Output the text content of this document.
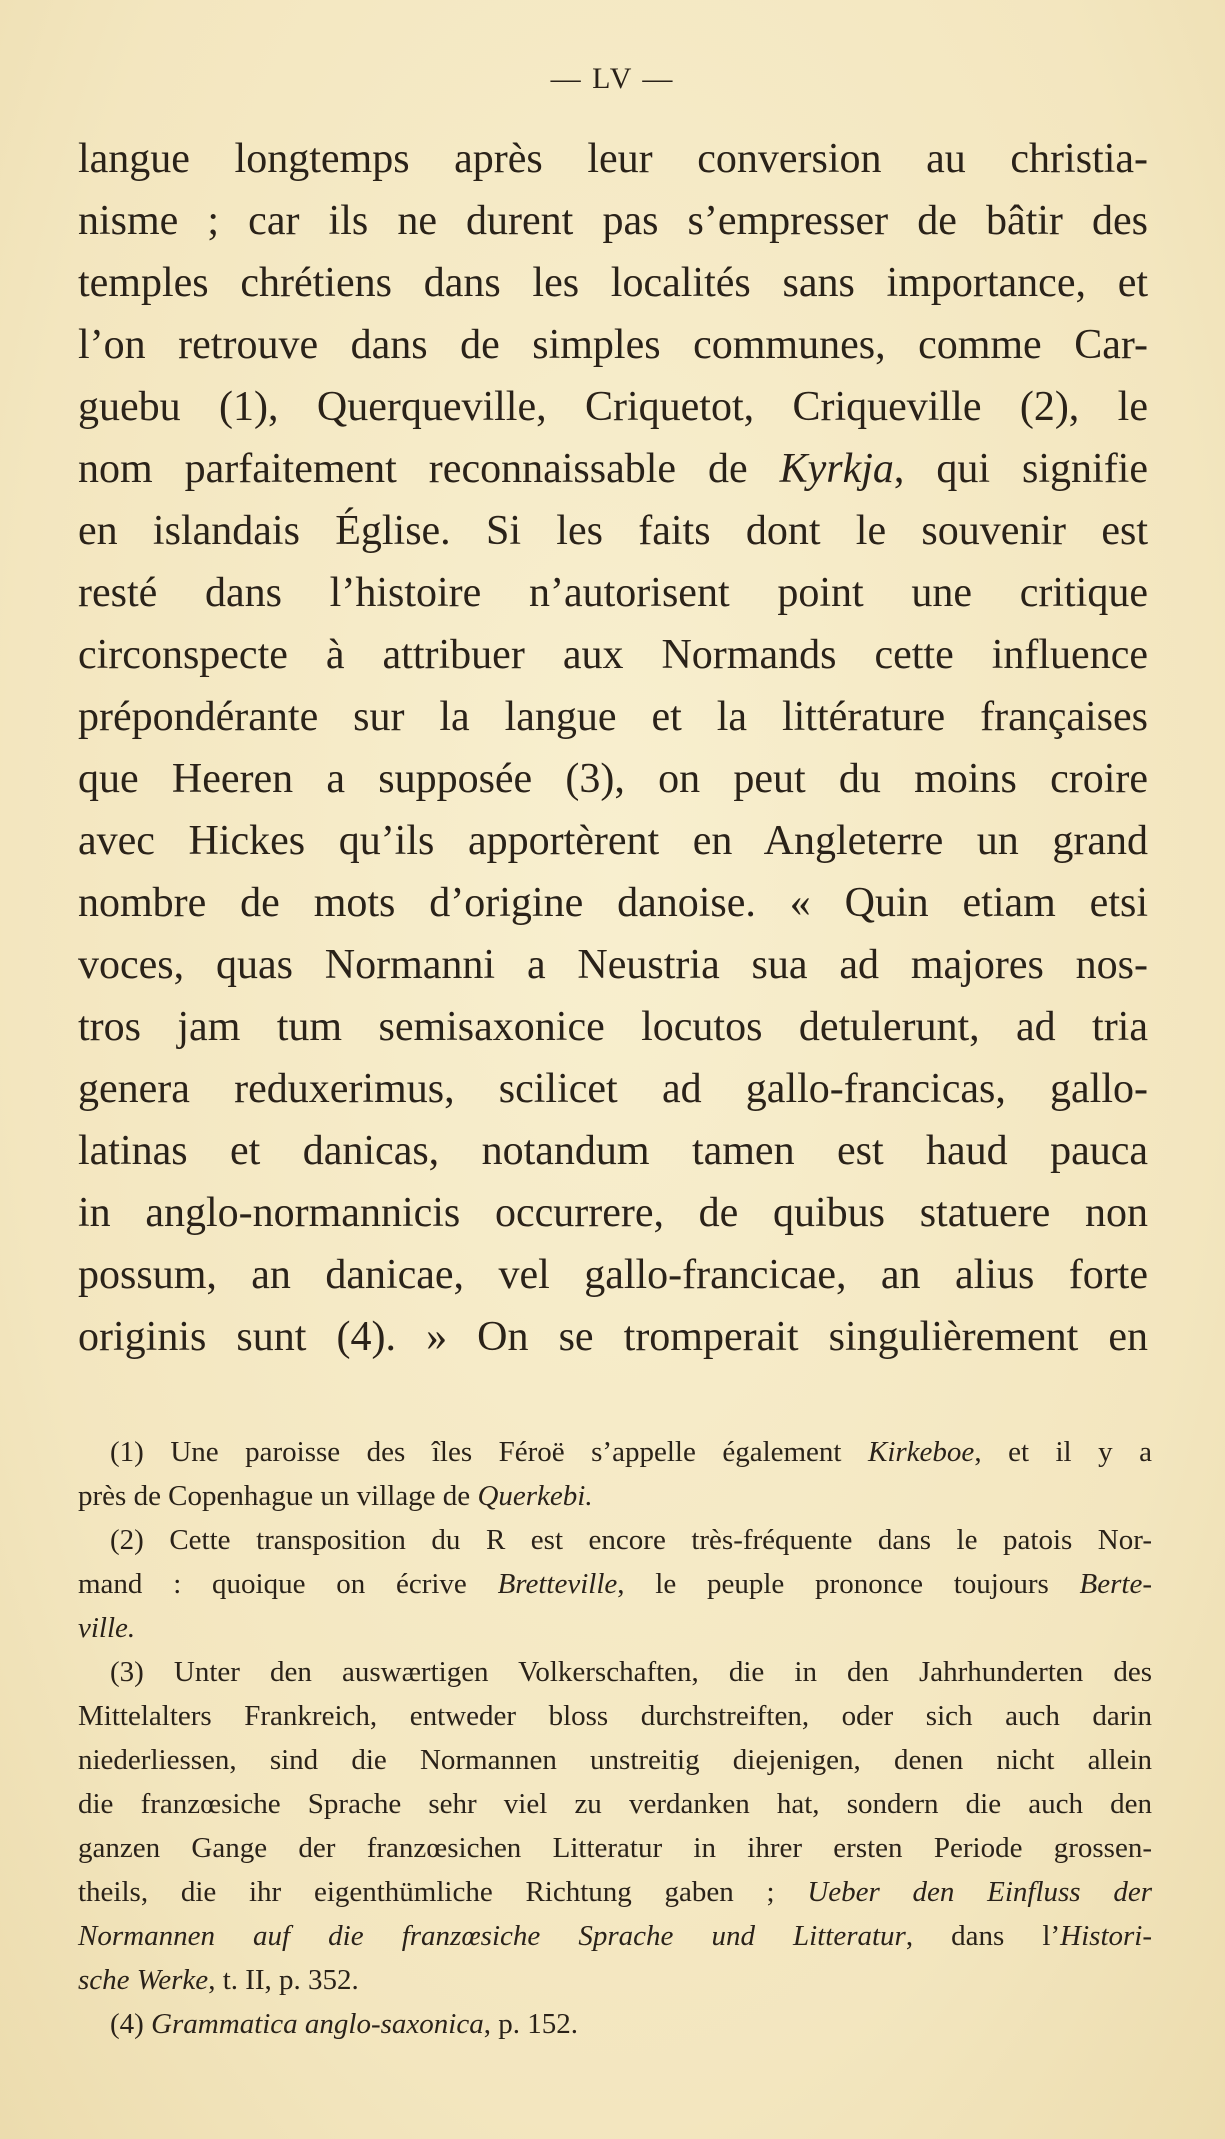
— LV —
langue longtemps après leur conversion au christia-
nisme ; car ils ne durent pas s’empresser de bâtir des
temples chrétiens dans les localités sans importance, et
l’on retrouve dans de simples communes, comme Car-
guebu (1), Querqueville, Criquetot, Criqueville (2), le
nom parfaitement reconnaissable de Kyrkja, qui signifie
en islandais Église. Si les faits dont le souvenir est
resté dans l’histoire n’autorisent point une critique
circonspecte à attribuer aux Normands cette influence
prépondérante sur la langue et la littérature françaises
que Heeren a supposée (3), on peut du moins croire
avec Hickes qu’ils apportèrent en Angleterre un grand
nombre de mots d’origine danoise. « Quin etiam etsi
voces, quas Normanni a Neustria sua ad majores nos-
tros jam tum semisaxonice locutos detulerunt, ad tria
genera reduxerimus, scilicet ad gallo-francicas, gallo-
latinas et danicas, notandum tamen est haud pauca
in anglo-normannicis occurrere, de quibus statuere non
possum, an danicae, vel gallo-francicae, an alius forte
originis sunt (4). » On se tromperait singulièrement en
(1) Une paroisse des îles Féroë s’appelle également Kirkeboe, et il y a
près de Copenhague un village de Querkebi.
(2) Cette transposition du R est encore très-fréquente dans le patois Nor-
mand : quoique on écrive Bretteville, le peuple prononce toujours Berte-
ville.
(3) Unter den auswærtigen Volkerschaften, die in den Jahrhunderten des
Mittelalters Frankreich, entweder bloss durchstreiften, oder sich auch darin
niederliessen, sind die Normannen unstreitig diejenigen, denen nicht allein
die franzœsiche Sprache sehr viel zu verdanken hat, sondern die auch den
ganzen Gange der franzœsichen Litteratur in ihrer ersten Periode grossen-
theils, die ihr eigenthümliche Richtung gaben ; Ueber den Einfluss der
Normannen auf die franzœsiche Sprache und Litteratur, dans l’Histori-
sche Werke, t. II, p. 352.
(4) Grammatica anglo-saxonica, p. 152.
